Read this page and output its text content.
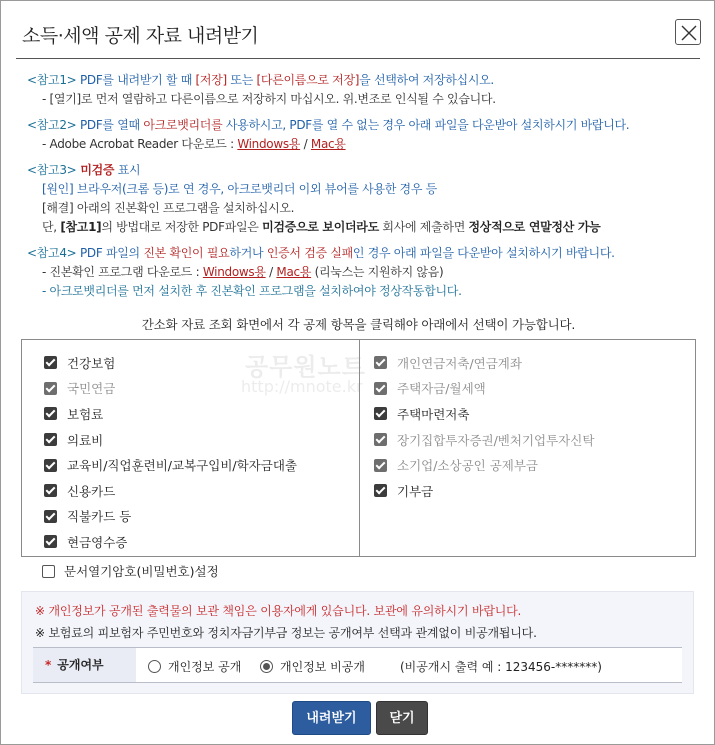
소득·세액 공제 자료 내려받기
<참고1> PDF를 내려받기 할 때 [저장] 또는 [다른이름으로 저장]을 선택하여 저장하십시오.
- [열기]로 먼저 열람하고 다른이름으로 저장하지 마십시오. 위.변조로 인식될 수 있습니다.
<참고2> PDF를 열때 아크로뱃리더를 사용하시고, PDF를 열 수 없는 경우 아래 파일을 다운받아 설치하시기 바랍니다.
- Adobe Acrobat Reader 다운로드 : Windows용 / Mac용
<참고3> 미검증 표시
[원인] 브라우저(크롬 등)로 연 경우, 아크로뱃리더 이외 뷰어를 사용한 경우 등
[해결] 아래의 진본확인 프로그램을 설치하십시오.
단, [참고1]의 방법대로 저장한 PDF파일은 미검증으로 보이더라도 회사에 제출하면 정상적으로 연말정산 가능
<참고4> PDF 파일의 진본 확인이 필요하거나 인증서 검증 실패인 경우 아래 파일을 다운받아 설치하시기 바랍니다.
- 진본확인 프로그램 다운로드 : Windows용 / Mac용 (리눅스는 지원하지 않음)
- 아크로뱃리더를 먼저 설치한 후 진본확인 프로그램을 설치하여야 정상작동합니다.
간소화 자료 조회 화면에서 각 공제 항목을 클릭해야 아래에서 선택이 가능합니다.
건강보험
국민연금
보험료
의료비
교육비/직업훈련비/교복구입비/학자금대출
신용카드
직불카드 등
현금영수증
개인연금저축/연금계좌
주택자금/월세액
주택마련저축
장기집합투자증권/벤처기업투자신탁
소기업/소상공인 공제부금
기부금
공무원노트
http://mnote.kr
문서열기암호(비밀번호)설정
※ 개인정보가 공개된 출력물의 보관 책임은 이용자에게 있습니다. 보관에 유의하시기 바랍니다.
※ 보험료의 피보험자 주민번호와 정치자금기부금 정보는 공개여부 선택과 관계없이 비공개됩니다.
* 공개여부	개인정보 공개	개인정보 비공개	(비공개시 출력 예 : 123456-*******)
내려받기	닫기
